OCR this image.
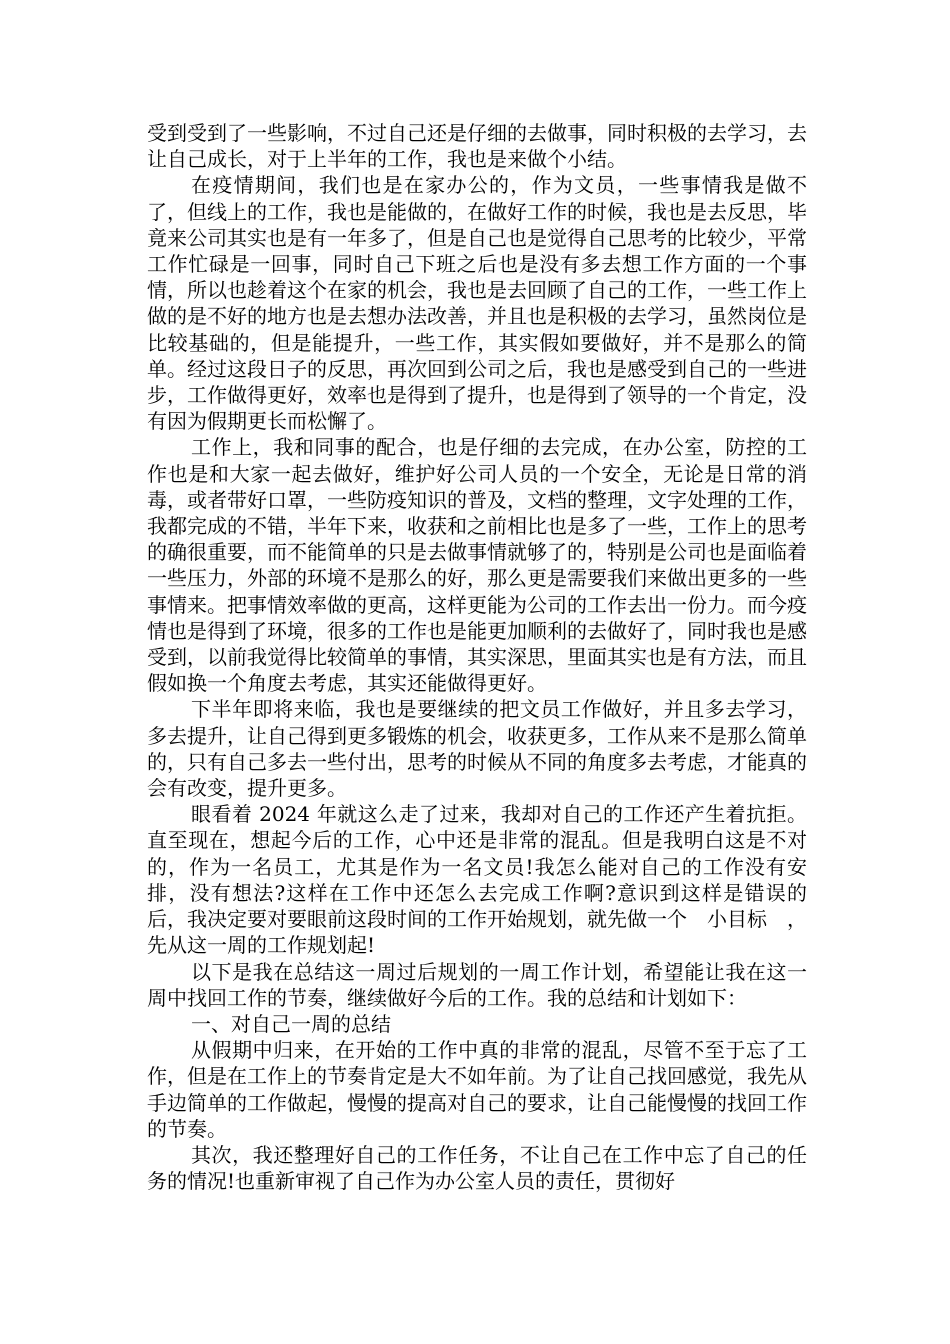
受到受到了一些影响，不过自己还是仔细的去做事，同时积极的去学习，去让自己成长，对于上半年的工作，我也是来做个小结。

在疫情期间，我们也是在家办公的，作为文员，一些事情我是做不了，但线上的工作，我也是能做的，在做好工作的时候，我也是去反思，毕竟来公司其实也是有一年多了，但是自己也是觉得自己思考的比较少，平常工作忙碌是一回事，同时自己下班之后也是没有多去想工作方面的一个事情，所以也趁着这个在家的机会，我也是去回顾了自己的工作，一些工作上做的是不好的地方也是去想办法改善，并且也是积极的去学习，虽然岗位是比较基础的，但是能提升，一些工作，其实假如要做好，并不是那么的简单。经过这段日子的反思，再次回到公司之后，我也是感受到自己的一些进步，工作做得更好，效率也是得到了提升，也是得到了领导的一个肯定，没有因为假期更长而松懈了。

工作上，我和同事的配合，也是仔细的去完成，在办公室，防控的工作也是和大家一起去做好，维护好公司人员的一个安全，无论是日常的消毒，或者带好口罩，一些防疫知识的普及，文档的整理，文字处理的工作，我都完成的不错，半年下来，收获和之前相比也是多了一些，工作上的思考的确很重要，而不能简单的只是去做事情就够了的，特别是公司也是面临着一些压力，外部的环境不是那么的好，那么更是需要我们来做出更多的一些事情来。把事情效率做的更高，这样更能为公司的工作去出一份力。而今疫情也是得到了环境，很多的工作也是能更加顺利的去做好了，同时我也是感受到，以前我觉得比较简单的事情，其实深思，里面其实也是有方法，而且假如换一个角度去考虑，其实还能做得更好。

下半年即将来临，我也是要继续的把文员工作做好，并且多去学习，多去提升，让自己得到更多锻炼的机会，收获更多，工作从来不是那么简单的，只有自己多去一些付出，思考的时候从不同的角度多去考虑，才能真的会有改变，提升更多。

眼看着 2024 年就这么走了过来，我却对自己的工作还产生着抗拒。直至现在，想起今后的工作，心中还是非常的混乱。但是我明白这是不对的，作为一名员工，尤其是作为一名文员!我怎么能对自己的工作没有安排，没有想法?这样在工作中还怎么去完成工作啊?意识到这样是错误的后，我决定要对要眼前这段时间的工作开始规划，就先做一个　小目标　，先从这一周的工作规划起!

以下是我在总结这一周过后规划的一周工作计划，希望能让我在这一周中找回工作的节奏，继续做好今后的工作。我的总结和计划如下：

一、对自己一周的总结

从假期中归来，在开始的工作中真的非常的混乱，尽管不至于忘了工作，但是在工作上的节奏肯定是大不如年前。为了让自己找回感觉，我先从手边简单的工作做起，慢慢的提高对自己的要求，让自己能慢慢的找回工作的节奏。

其次，我还整理好自己的工作任务，不让自己在工作中忘了自己的任务的情况!也重新审视了自己作为办公室人员的责任，贯彻好
